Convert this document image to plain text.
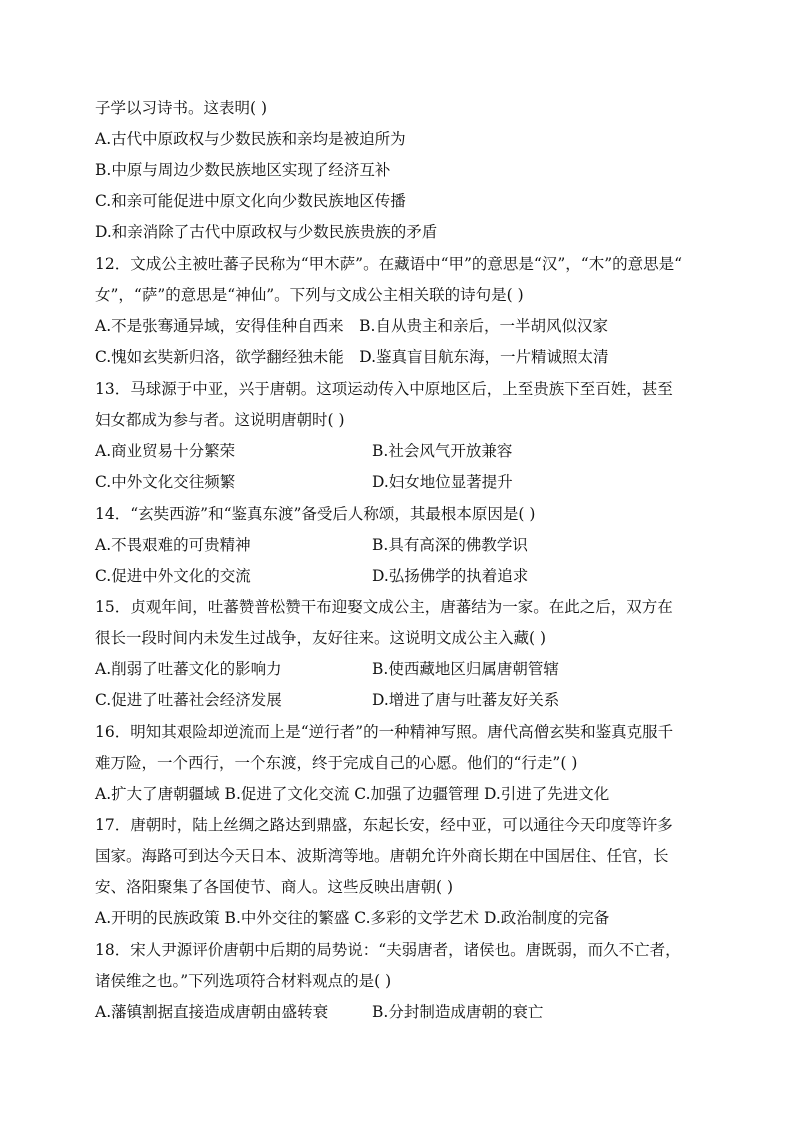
子学以习诗书。这表明( )
A.古代中原政权与少数民族和亲均是被迫所为
B.中原与周边少数民族地区实现了经济互补
C.和亲可能促进中原文化向少数民族地区传播
D.和亲消除了古代中原政权与少数民族贵族的矛盾
12．文成公主被吐蕃子民称为“甲木萨”。在藏语中“甲”的意思是“汉”，“木”的意思是“
女”，“萨”的意思是“神仙”。下列与文成公主相关联的诗句是( )
A.不是张骞通异域，安得佳种自西来　B.自从贵主和亲后，一半胡风似汉家
C.愧如玄奘新归洛，欲学翻经独未能　D.鉴真盲目航东海，一片精诚照太清
13．马球源于中亚，兴于唐朝。这项运动传入中原地区后，上至贵族下至百姓，甚至
妇女都成为参与者。这说明唐朝时( )
A.商业贸易十分繁荣	B.社会风气开放兼容
C.中外文化交往频繁	D.妇女地位显著提升
14．“玄奘西游”和“鉴真东渡”备受后人称颂，其最根本原因是( )
A.不畏艰难的可贵精神	B.具有高深的佛教学识
C.促进中外文化的交流	D.弘扬佛学的执着追求
15．贞观年间，吐蕃赞普松赞干布迎娶文成公主，唐蕃结为一家。在此之后，双方在
很长一段时间内未发生过战争，友好往来。这说明文成公主入藏( )
A.削弱了吐蕃文化的影响力	B.使西藏地区归属唐朝管辖
C.促进了吐蕃社会经济发展	D.增进了唐与吐蕃友好关系
16．明知其艰险却逆流而上是“逆行者”的一种精神写照。唐代高僧玄奘和鉴真克服千
难万险，一个西行，一个东渡，终于完成自己的心愿。他们的“行走”( )
A.扩大了唐朝疆域 B.促进了文化交流 C.加强了边疆管理 D.引进了先进文化
17．唐朝时，陆上丝绸之路达到鼎盛，东起长安，经中亚，可以通往今天印度等许多
国家。海路可到达今天日本、波斯湾等地。唐朝允许外商长期在中国居住、任官，长
安、洛阳聚集了各国使节、商人。这些反映出唐朝( )
A.开明的民族政策 B.中外交往的繁盛 C.多彩的文学艺术 D.政治制度的完备
18．宋人尹源评价唐朝中后期的局势说：“夫弱唐者，诸侯也。唐既弱，而久不亡者，
诸侯维之也。”下列选项符合材料观点的是( )
A.藩镇割据直接造成唐朝由盛转衰	B.分封制造成唐朝的衰亡
